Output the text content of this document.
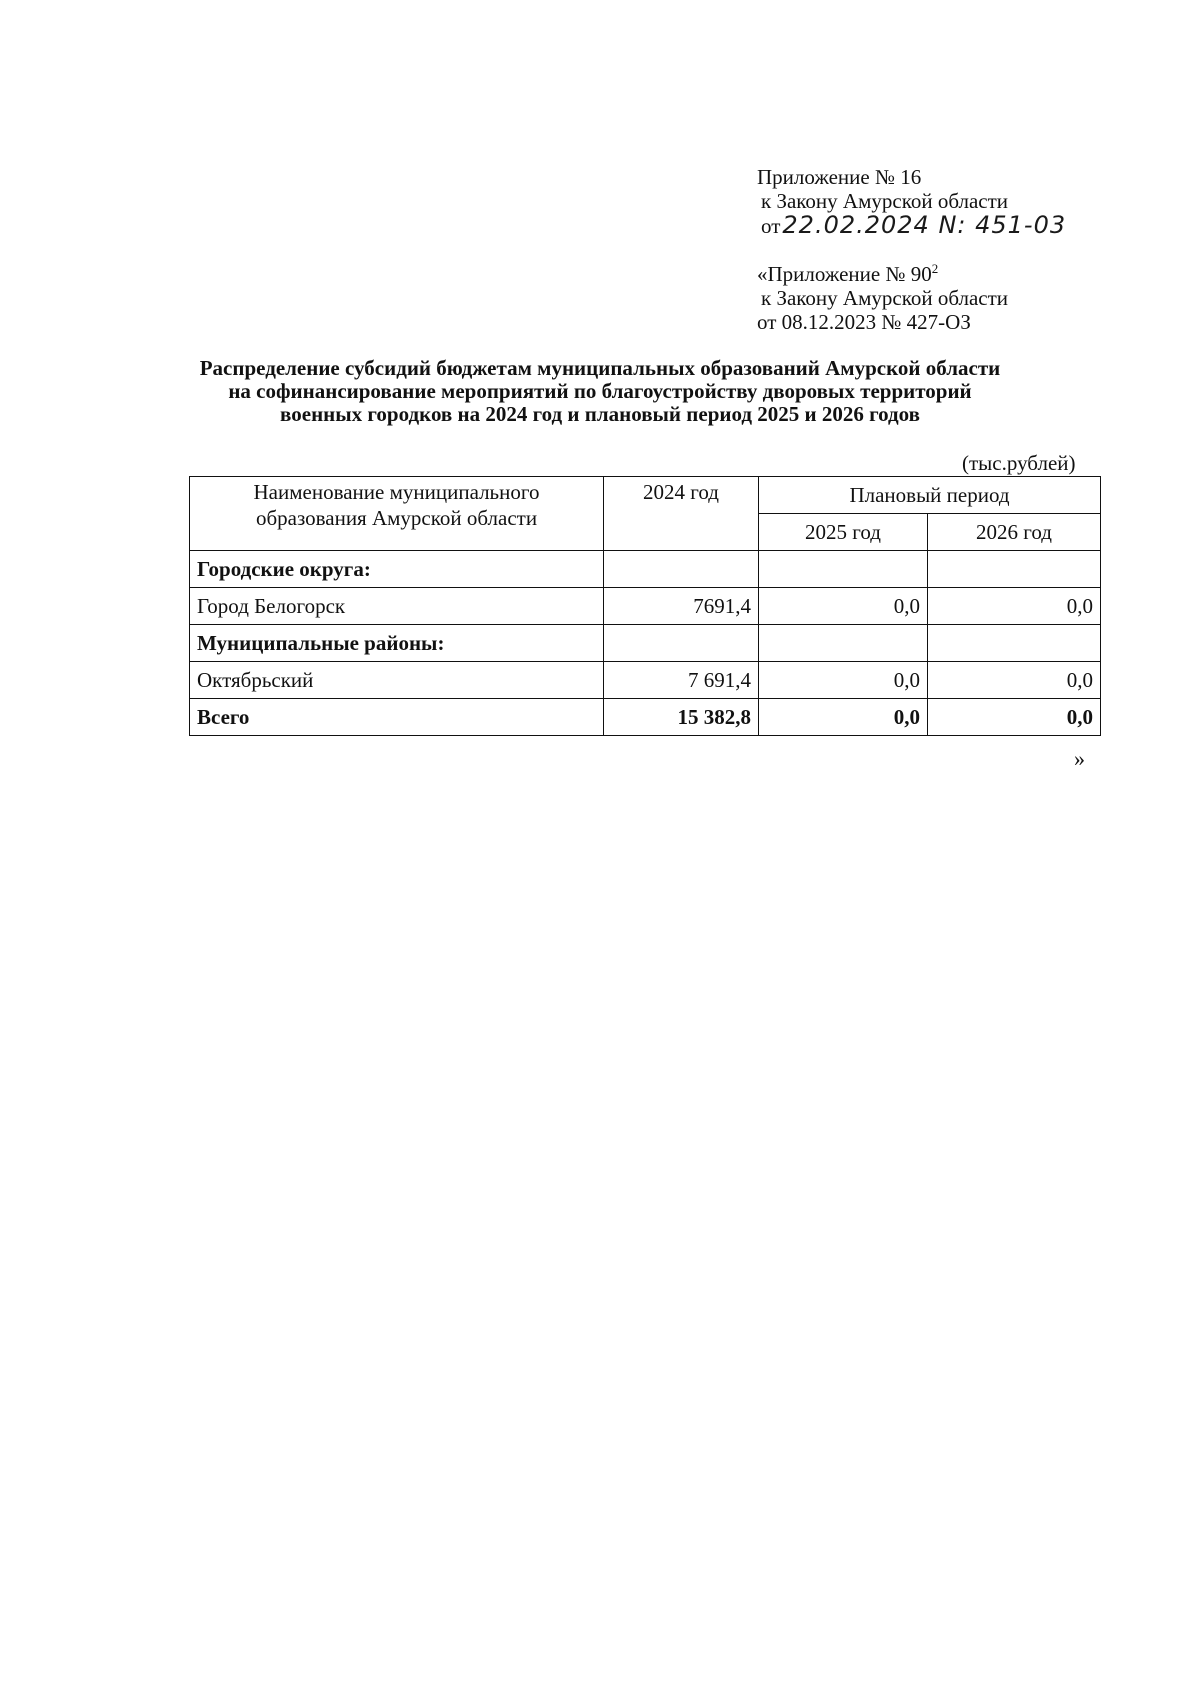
Приложение № 16
к Закону Амурской области
от22.02.2024 N: 451-03
«Приложение № $90^2$
к Закону Амурской области
от 08.12.2023 № 427-ОЗ
Распределение субсидий бюджетам муниципальных образований Амурской области
на софинансирование мероприятий по благоустройству дворовых территорий
военных городков на 2024 год и плановый период 2025 и 2026 годов
(тыс.рублей)
Наименование муниципального образования Амурской области	2024 год	Плановый период	
		2025 год	2026 год
Городские округа:			
Город Белогорск	7691,4	0,0	0,0
Муниципальные районы:			
Октябрьский	7 691,4	0,0	0,0
Всего	15 382,8	0,0	0,0
»
